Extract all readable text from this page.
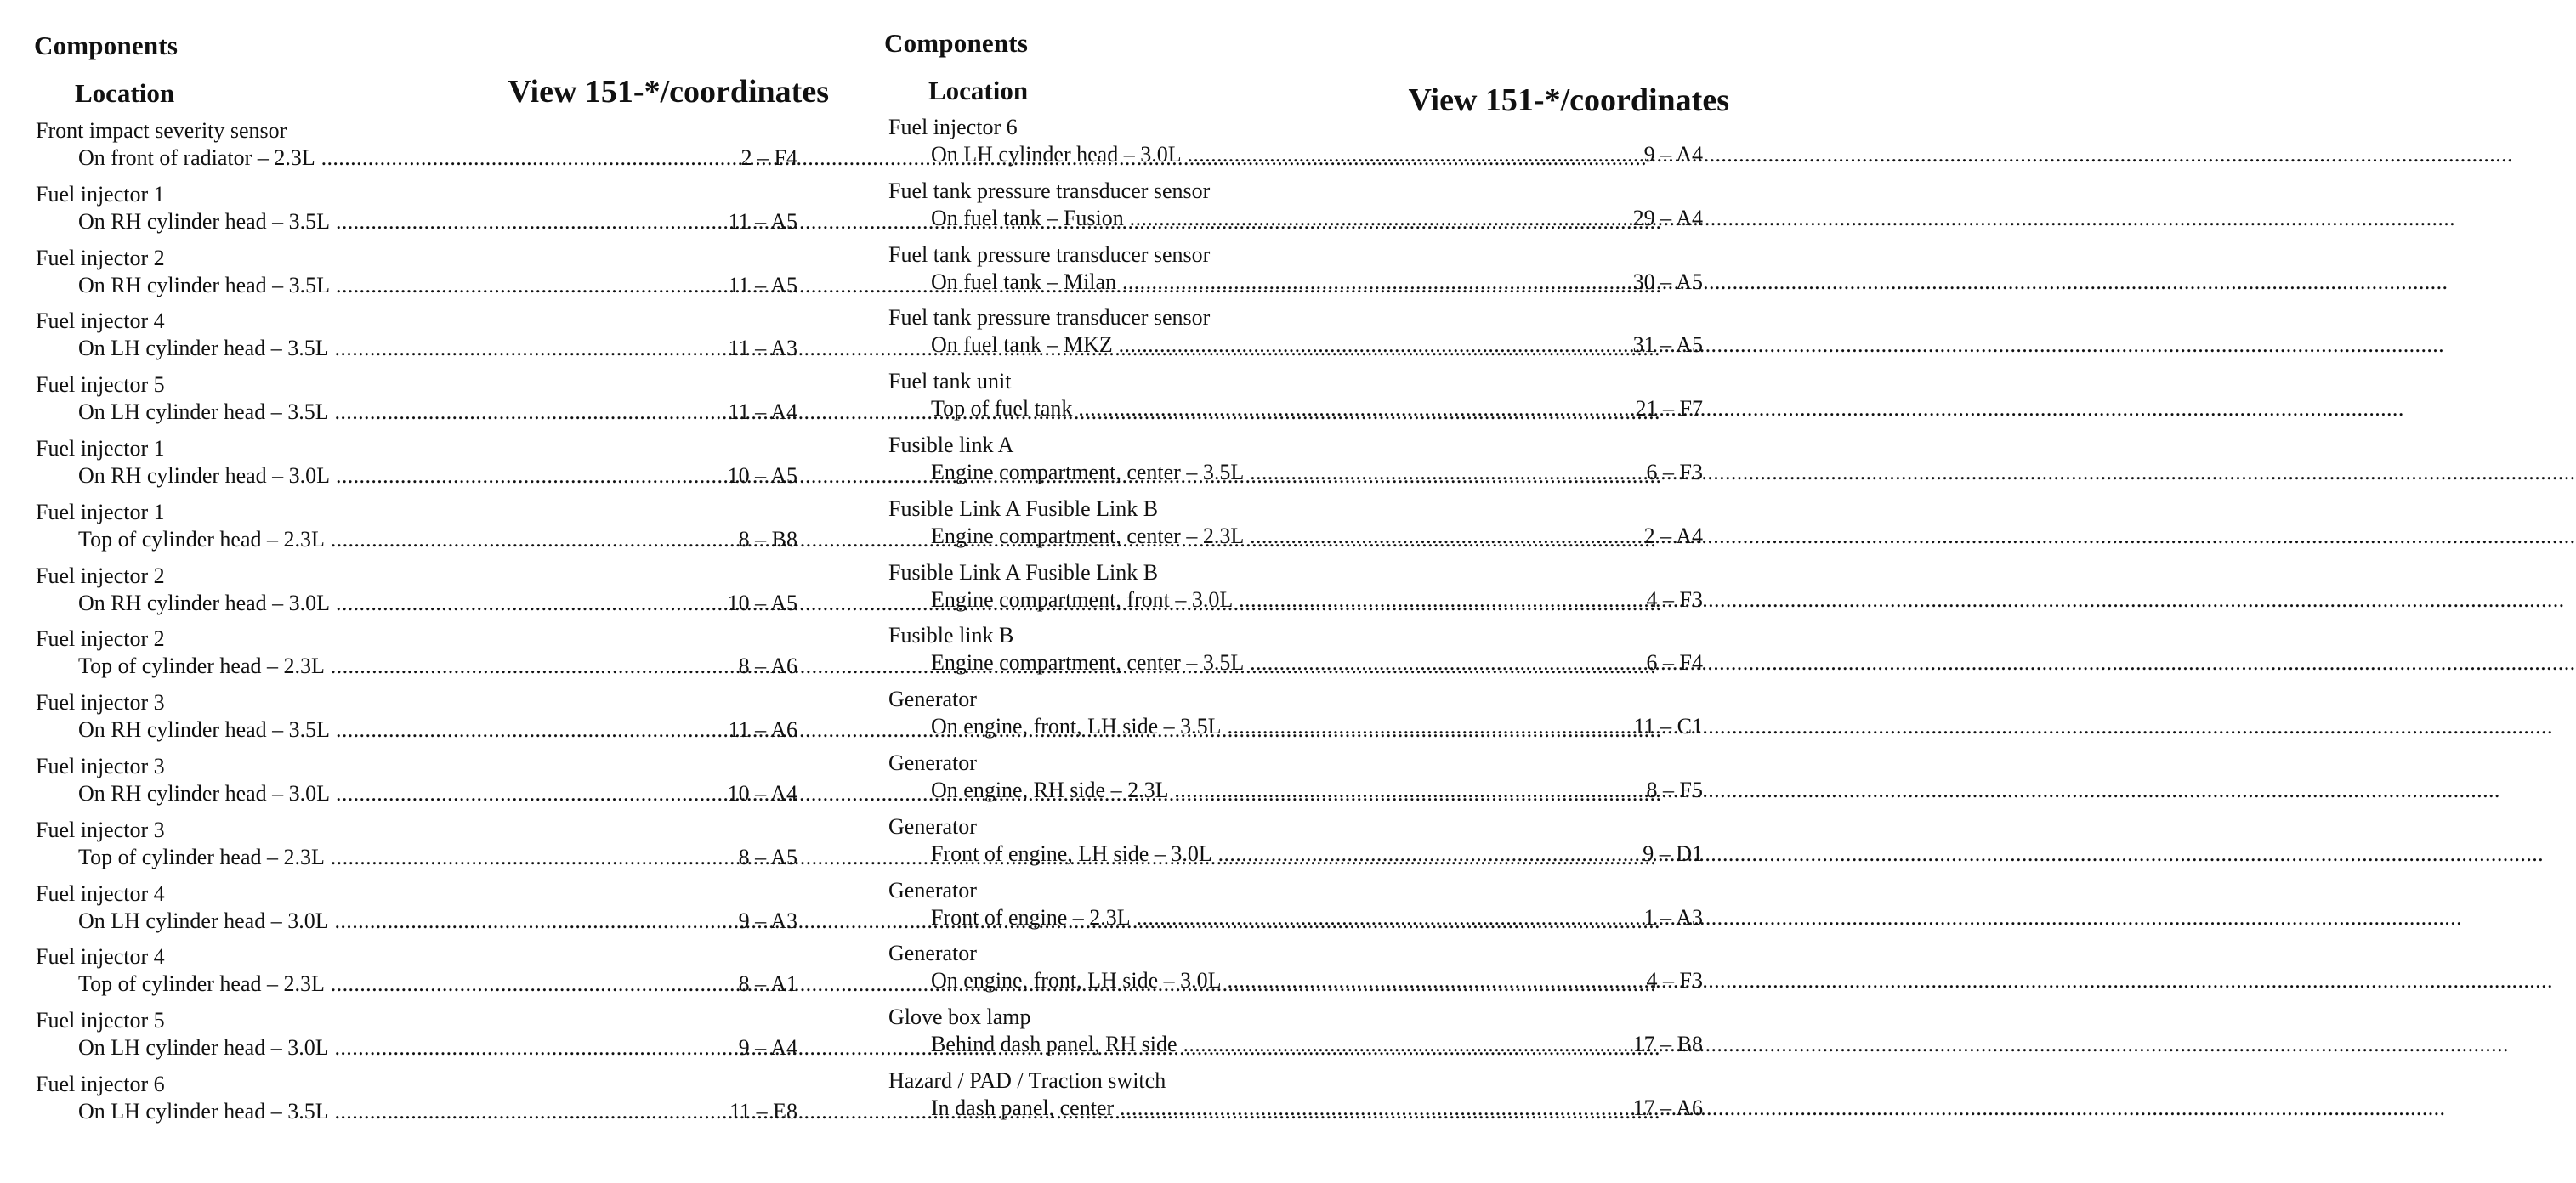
Components
Location	View 151-*/coordinates
Front impact severity sensor
On front of radiator – 2.3L .....	2 – F4
Fuel injector 1
On RH cylinder head – 3.5L .....	11 – A5
Fuel injector 2
On RH cylinder head – 3.5L .....	11 – A5
Fuel injector 4
On LH cylinder head – 3.5L .....	11 – A3
Fuel injector 5
On LH cylinder head – 3.5L .....	11 – A4
Fuel injector 1
On RH cylinder head – 3.0L .....	10 – A5
Fuel injector 1
Top of cylinder head – 2.3L .....	8 – B8
Fuel injector 2
On RH cylinder head – 3.0L .....	10 – A5
Fuel injector 2
Top of cylinder head – 2.3L .....	8 – A6
Fuel injector 3
On RH cylinder head – 3.5L .....	11 – A6
Fuel injector 3
On RH cylinder head – 3.0L .....	10 – A4
Fuel injector 3
Top of cylinder head – 2.3L .....	8 – A5
Fuel injector 4
On LH cylinder head – 3.0L .....	9 – A3
Fuel injector 4
Top of cylinder head – 2.3L .....	8 – A1
Fuel injector 5
On LH cylinder head – 3.0L .....	9 – A4
Fuel injector 6
On LH cylinder head – 3.5L .....	11 – E8
Components
Location	View 151-*/coordinates
Fuel injector 6
On LH cylinder head – 3.0L .....	9 – A4
Fuel tank pressure transducer sensor
On fuel tank – Fusion .....	29 – A4
Fuel tank pressure transducer sensor
On fuel tank – Milan .....	30 – A5
Fuel tank pressure transducer sensor
On fuel tank – MKZ .....	31 – A5
Fuel tank unit
Top of fuel tank .....	21 – F7
Fusible link A
Engine compartment, center – 3.5L .....	6 – F3
Fusible Link A Fusible Link B
Engine compartment, center – 2.3L .....	2 – A4
Fusible Link A Fusible Link B
Engine compartment, front – 3.0L .....	4 – F3
Fusible link B
Engine compartment, center – 3.5L .....	6 – F4
Generator
On engine, front, LH side – 3.5L .....	11 – C1
Generator
On engine, RH side – 2.3L .....	8 – F5
Generator
Front of engine, LH side – 3.0L .....	9 – D1
Generator
Front of engine – 2.3L .....	1 – A3
Generator
On engine, front, LH side – 3.0L .....	4 – F3
Glove box lamp
Behind dash panel, RH side .....	17 – B8
Hazard / PAD / Traction switch
In dash panel, center .....	17 – A6
